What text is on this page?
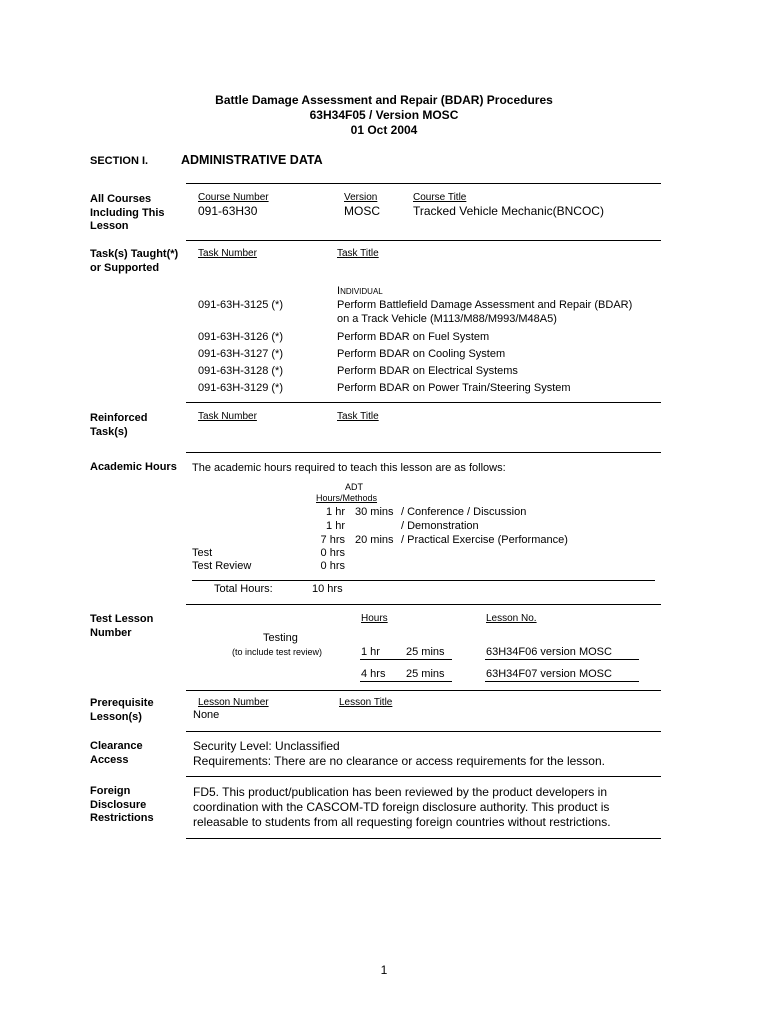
Battle Damage Assessment and Repair (BDAR) Procedures
63H34F05 / Version MOSC
01 Oct 2004
SECTION I.	ADMINISTRATIVE DATA
All Courses Including This Lesson
Course Number	Version	Course Title
091-63H30	MOSC	Tracked Vehicle Mechanic(BNCOC)
Task(s) Taught(*) or Supported
Task Number	Task Title
INDIVIDUAL
091-63H-3125 (*)	Perform Battlefield Damage Assessment and Repair (BDAR)
on a Track Vehicle (M113/M88/M993/M48A5)
091-63H-3126 (*)	Perform BDAR on Fuel System
091-63H-3127 (*)	Perform BDAR on Cooling System
091-63H-3128 (*)	Perform BDAR on Electrical Systems
091-63H-3129 (*)	Perform BDAR on Power Train/Steering System
Reinforced Task(s)
Task Number	Task Title
Academic Hours	The academic hours required to teach this lesson are as follows:
ADT
Hours/Methods
1 hr 30 mins / Conference / Discussion
1 hr	/ Demonstration
7 hrs 20 mins / Practical Exercise (Performance)
Test	0 hrs
Test Review	0 hrs
Total Hours:	10 hrs
Test Lesson Number
Hours	Lesson No.
Testing
(to include test review)	1 hr 25 mins	63H34F06 version MOSC
4 hrs 25 mins	63H34F07 version MOSC
Prerequisite Lesson(s)
Lesson Number	Lesson Title
None
Clearance Access
Security Level: Unclassified
Requirements: There are no clearance or access requirements for the lesson.
Foreign Disclosure Restrictions
FD5. This product/publication has been reviewed by the product developers in
coordination with the CASCOM-TD foreign disclosure authority. This product is
releasable to students from all requesting foreign countries without restrictions.
1
